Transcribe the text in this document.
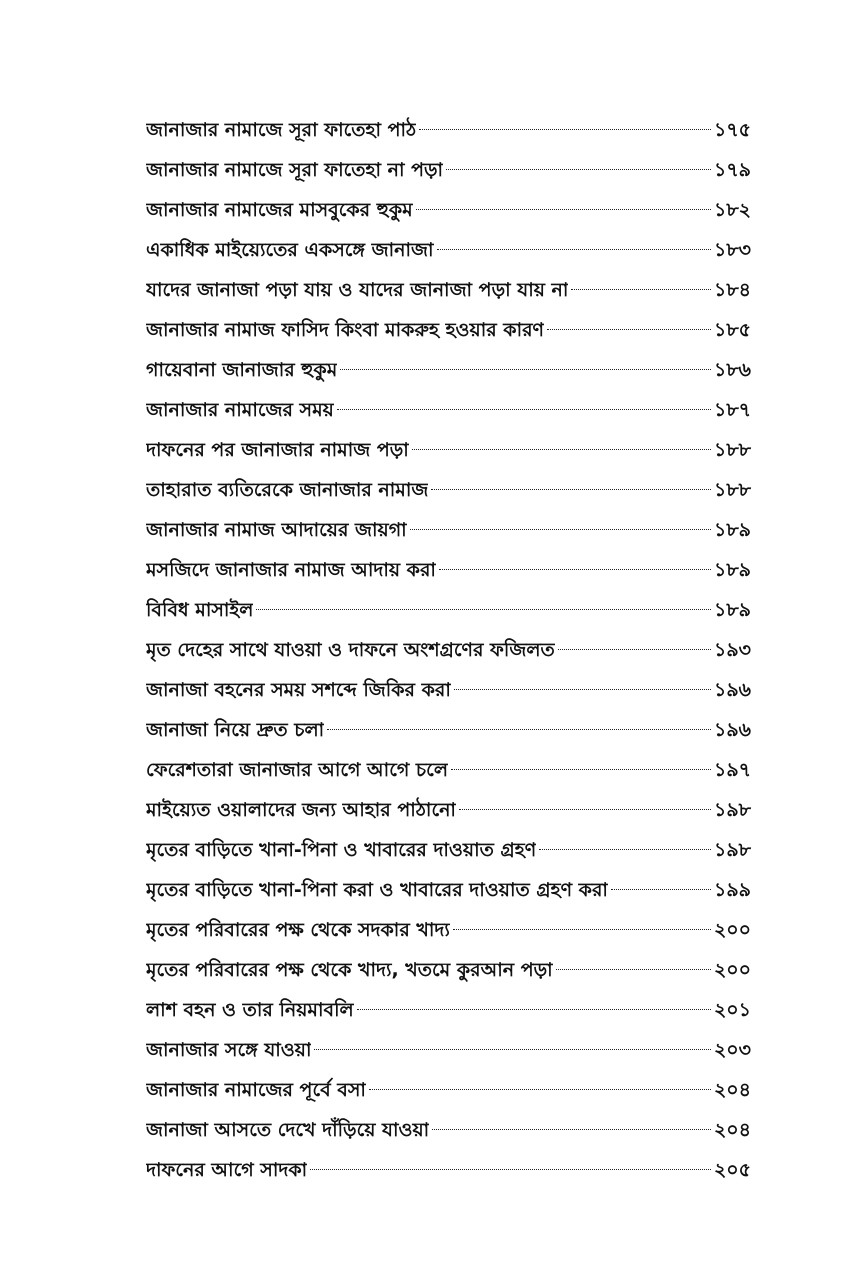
জানাজার নামাজে সূরা ফাতেহা পাঠ	১৭৫
জানাজার নামাজে সূরা ফাতেহা না পড়া	১৭৯
জানাজার নামাজের মাসবুকের হুকুম	১৮২
একাধিক মাইয়্যেতের একসঙ্গে জানাজা	১৮৩
যাদের জানাজা পড়া যায় ও যাদের জানাজা পড়া যায় না	১৮৪
জানাজার নামাজ ফাসিদ কিংবা মাকরুহ হওয়ার কারণ	১৮৫
গায়েবানা জানাজার হুকুম	১৮৬
জানাজার নামাজের সময়	১৮৭
দাফনের পর জানাজার নামাজ পড়া	১৮৮
তাহারাত ব্যতিরেকে জানাজার নামাজ	১৮৮
জানাজার নামাজ আদায়ের জায়গা	১৮৯
মসজিদে জানাজার নামাজ আদায় করা	১৮৯
বিবিধ মাসাইল	১৮৯
মৃত দেহের সাথে যাওয়া ও দাফনে অংশগ্রণের ফজিলত	১৯৩
জানাজা বহনের সময় সশব্দে জিকির করা	১৯৬
জানাজা নিয়ে দ্রুত চলা	১৯৬
ফেরেশতারা জানাজার আগে আগে চলে	১৯৭
মাইয়্যেত ওয়ালাদের জন্য আহার পাঠানো	১৯৮
মৃতের বাড়িতে খানা-পিনা ও খাবারের দাওয়াত গ্রহণ	১৯৮
মৃতের বাড়িতে খানা-পিনা করা ও খাবারের দাওয়াত গ্রহণ করা	১৯৯
মৃতের পরিবারের পক্ষ থেকে সদকার খাদ্য	২০০
মৃতের পরিবারের পক্ষ থেকে খাদ্য, খতমে কুরআন পড়া	২০০
লাশ বহন ও তার নিয়মাবলি	২০১
জানাজার সঙ্গে যাওয়া	২০৩
জানাজার নামাজের পূর্বে বসা	২০৪
জানাজা আসতে দেখে দাঁড়িয়ে যাওয়া	২০৪
দাফনের আগে সাদকা	২০৫
